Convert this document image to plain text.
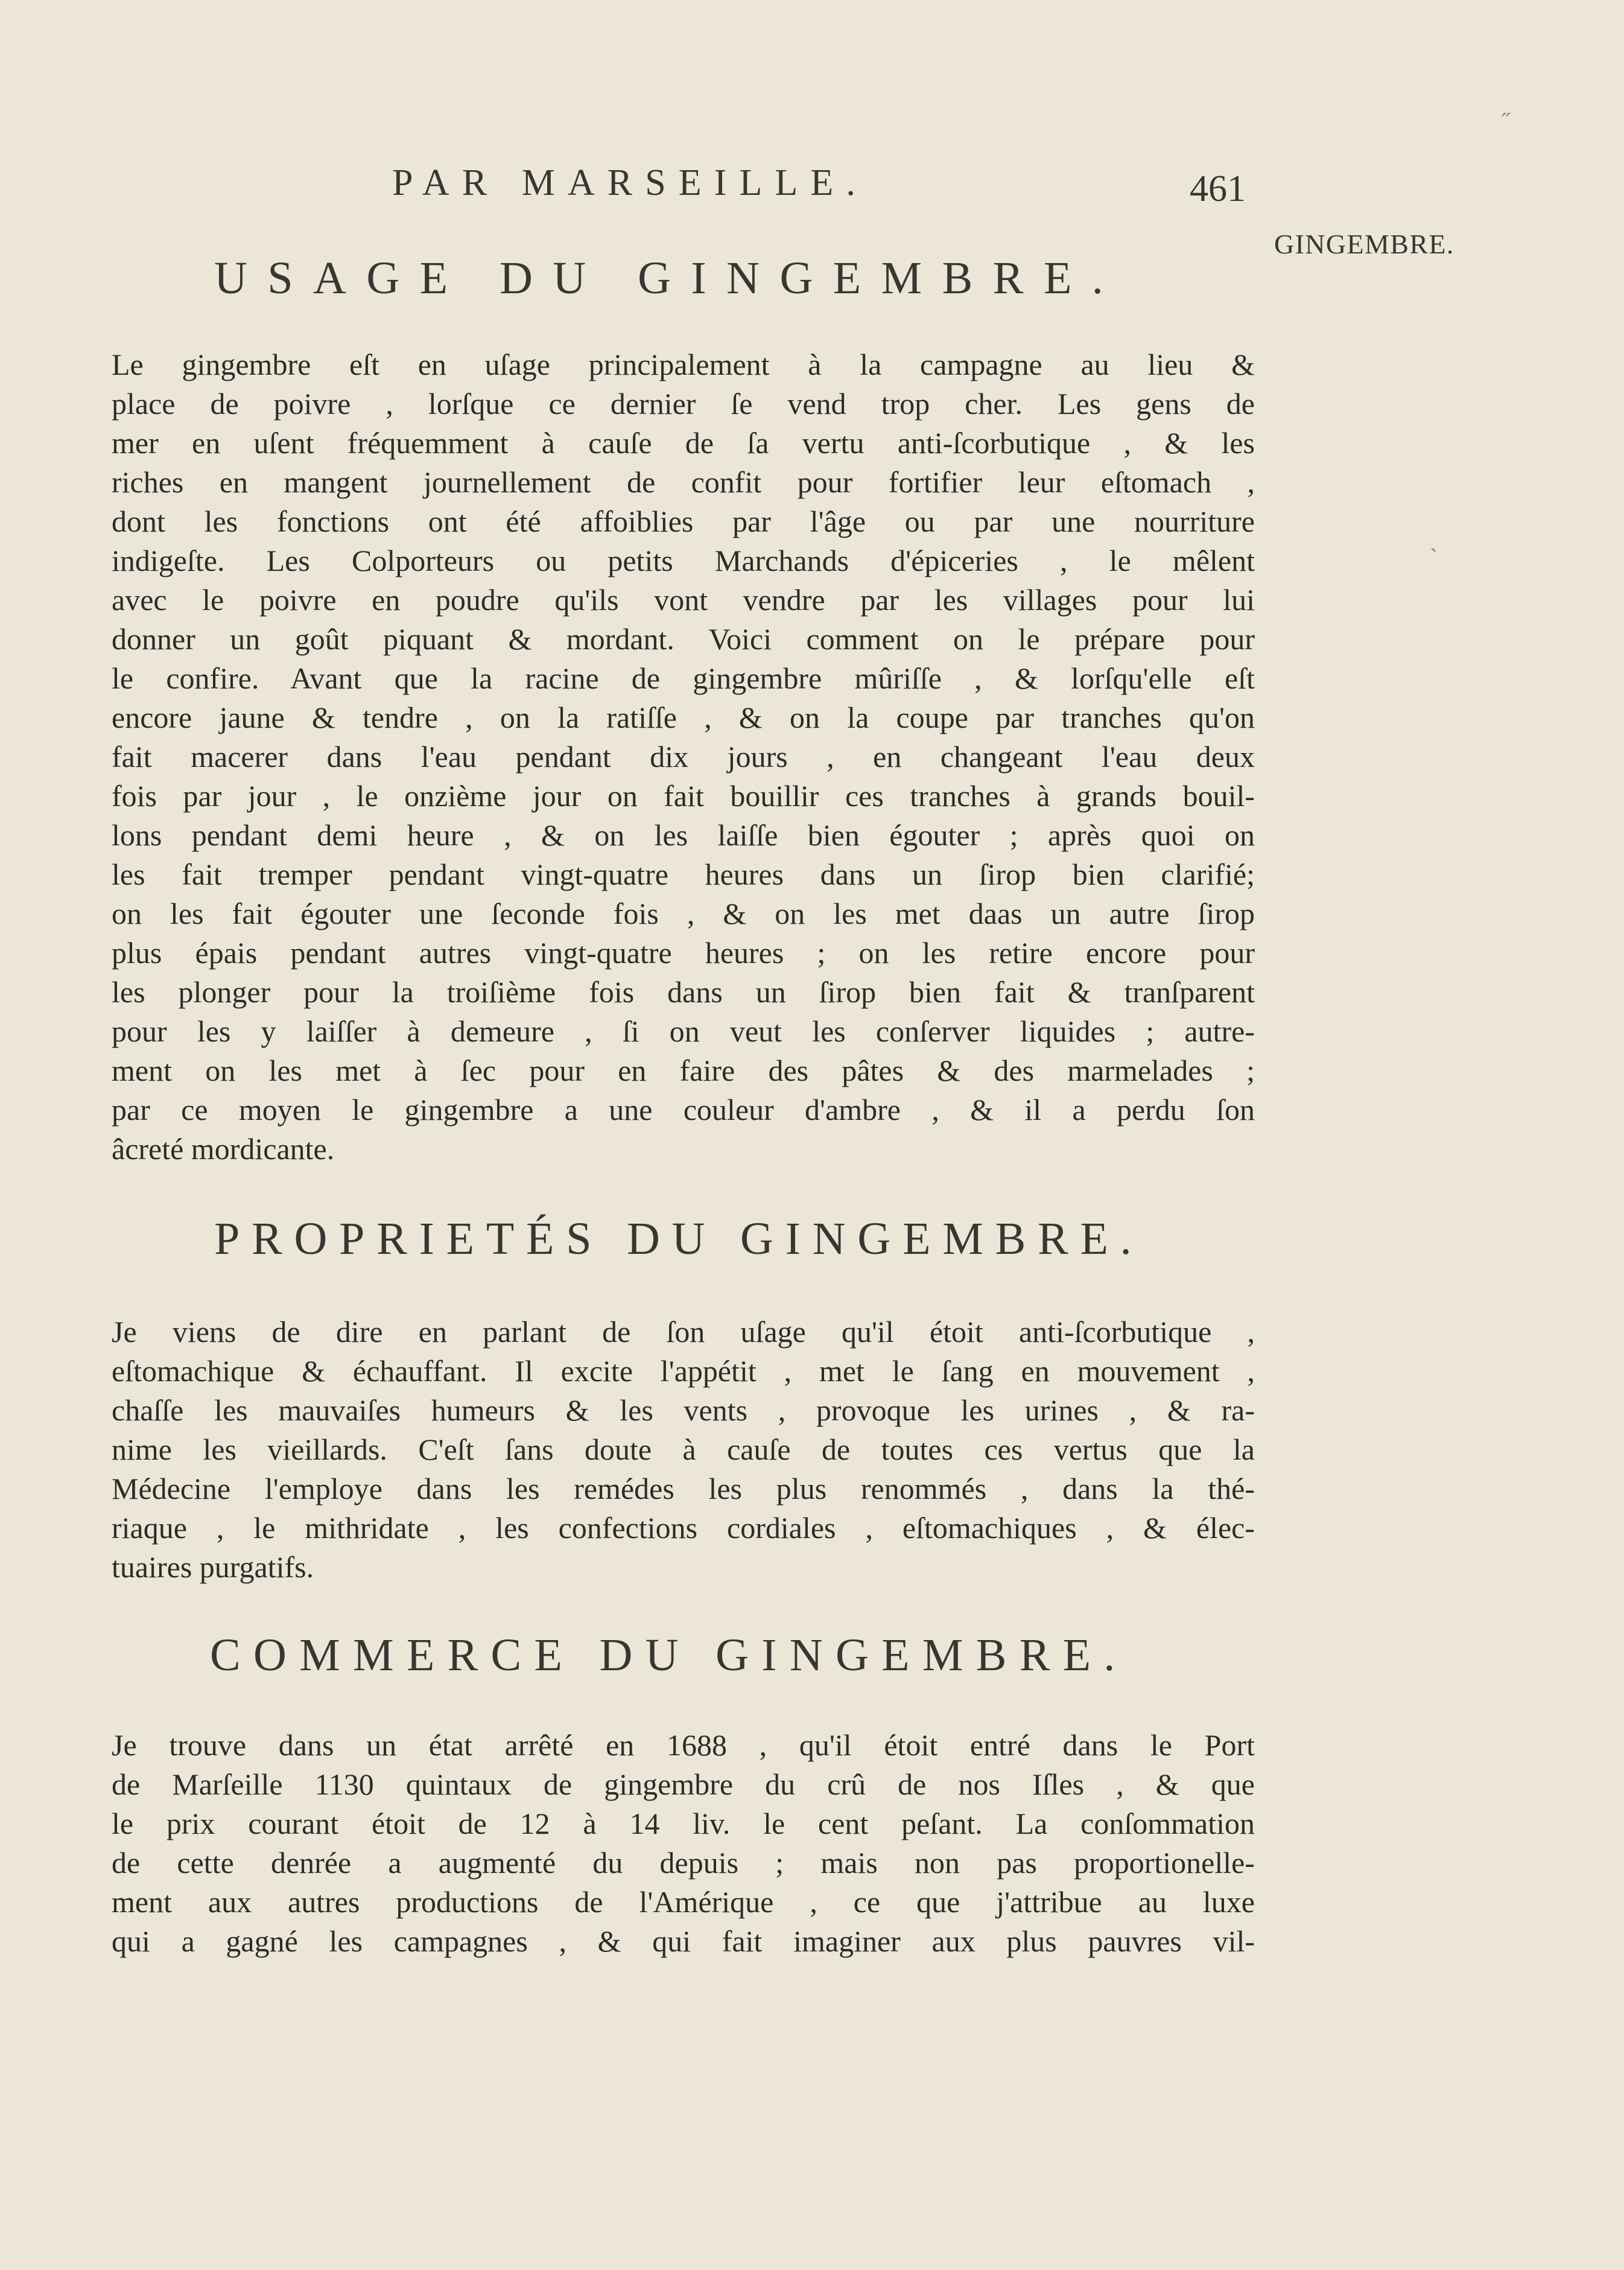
PAR MARSEILLE.	461
GINGEMBRE.
USAGE DU GINGEMBRE.
Le gingembre eſt en uſage principalement à la campagne au lieu &
place de poivre , lorſque ce dernier ſe vend trop cher. Les gens de
mer en uſent fréquemment à cauſe de ſa vertu anti-ſcorbutique , & les
riches en mangent journellement de confit pour fortifier leur eſtomach ,
dont les fonctions ont été affoiblies par l'âge ou par une nourriture
indigeſte. Les Colporteurs ou petits Marchands d'épiceries , le mêlent
avec le poivre en poudre qu'ils vont vendre par les villages pour lui
donner un goût piquant & mordant. Voici comment on le prépare pour
le confire. Avant que la racine de gingembre mûriſſe , & lorſqu'elle eſt
encore jaune & tendre , on la ratiſſe , & on la coupe par tranches qu'on
fait macerer dans l'eau pendant dix jours , en changeant l'eau deux
fois par jour , le onzième jour on fait bouillir ces tranches à grands bouil-
lons pendant demi heure , & on les laiſſe bien égouter ; après quoi on
les fait tremper pendant vingt-quatre heures dans un ſirop bien clarifié;
on les fait égouter une ſeconde fois , & on les met daas un autre ſirop
plus épais pendant autres vingt-quatre heures ; on les retire encore pour
les plonger pour la troiſième fois dans un ſirop bien fait & tranſparent
pour les y laiſſer à demeure , ſi on veut les conſerver liquides ; autre-
ment on les met à ſec pour en faire des pâtes & des marmelades ;
par ce moyen le gingembre a une couleur d'ambre , & il a perdu ſon
âcreté mordicante.
PROPRIETÉS DU GINGEMBRE.
Je viens de dire en parlant de ſon uſage qu'il étoit anti-ſcorbutique ,
eſtomachique & échauffant. Il excite l'appétit , met le ſang en mouvement ,
chaſſe les mauvaiſes humeurs & les vents , provoque les urines , & ra-
nime les vieillards. C'eſt ſans doute à cauſe de toutes ces vertus que la
Médecine l'employe dans les remédes les plus renommés , dans la thé-
riaque , le mithridate , les confections cordiales , eſtomachiques , & élec-
tuaires purgatifs.
COMMERCE DU GINGEMBRE.
Je trouve dans un état arrêté en 1688 , qu'il étoit entré dans le Port
de Marſeille 1130 quintaux de gingembre du crû de nos Iſles , & que
le prix courant étoit de 12 à 14 liv. le cent peſant. La conſommation
de cette denrée a augmenté du depuis ; mais non pas proportionelle-
ment aux autres productions de l'Amérique , ce que j'attribue au luxe
qui a gagné les campagnes , & qui fait imaginer aux plus pauvres vil-
˶
ˋ
